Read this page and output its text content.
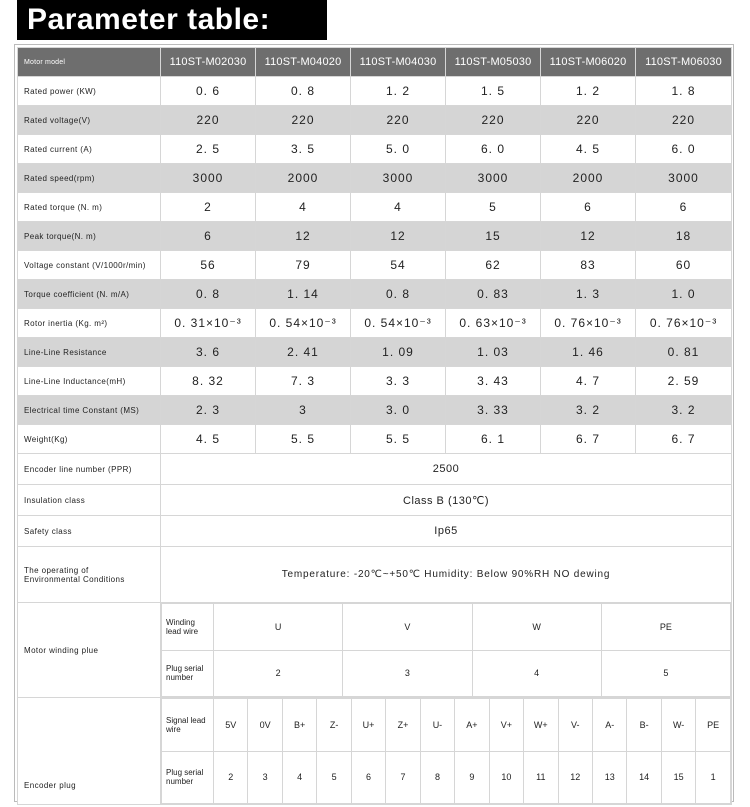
Parameter table:
Motor model	110ST-M02030	110ST-M04020	110ST-M04030	110ST-M05030	110ST-M06020	110ST-M06030
Rated power (KW)	0. 6	0. 8	1. 2	1. 5	1. 2	1. 8
Rated voltage(V)	220	220	220	220	220	220
Rated current (A)	2. 5	3. 5	5. 0	6. 0	4. 5	6. 0
Rated speed(rpm)	3000	2000	3000	3000	2000	3000
Rated torque (N. m)	2	4	4	5	6	6
Peak torque(N. m)	6	12	12	15	12	18
Voltage constant (V/1000r/min)	56	79	54	62	83	60
Torque coefficient (N. m/A)	0. 8	1. 14	0. 8	0. 83	1. 3	1. 0
Rotor inertia (Kg. m²)	0. 31×10⁻³	0. 54×10⁻³	0. 54×10⁻³	0. 63×10⁻³	0. 76×10⁻³	0. 76×10⁻³
Line-Line Resistance	3. 6	2. 41	1. 09	1. 03	1. 46	0. 81
Line-Line Inductance(mH)	8. 32	7. 3	3. 3	3. 43	4. 7	2. 59
Electrical time Constant (MS)	2. 3	3	3. 0	3. 33	3. 2	3. 2
Weight(Kg)	4. 5	5. 5	5. 5	6. 1	6. 7	6. 7
Encoder line number (PPR)	2500
Insulation class	Class B (130℃)
Safety class	Ip65

The operating of
Environmental Conditions	Temperature: -20℃~+50℃ Humidity: Below 90%RH NO dewing
Motor winding plue	
Winding
lead wire	U	V	W	PE

Plug serial
number	2	3	4	5

Encoder plug	
Signal lead
wire	5V	0V	B+	Z-	U+	Z+	U-	A+	V+	W+	V-	A-	B-	W-	PE

Plug serial
number	2	3	4	5	6	7	8	9	10	11	12	13	14	15	1
